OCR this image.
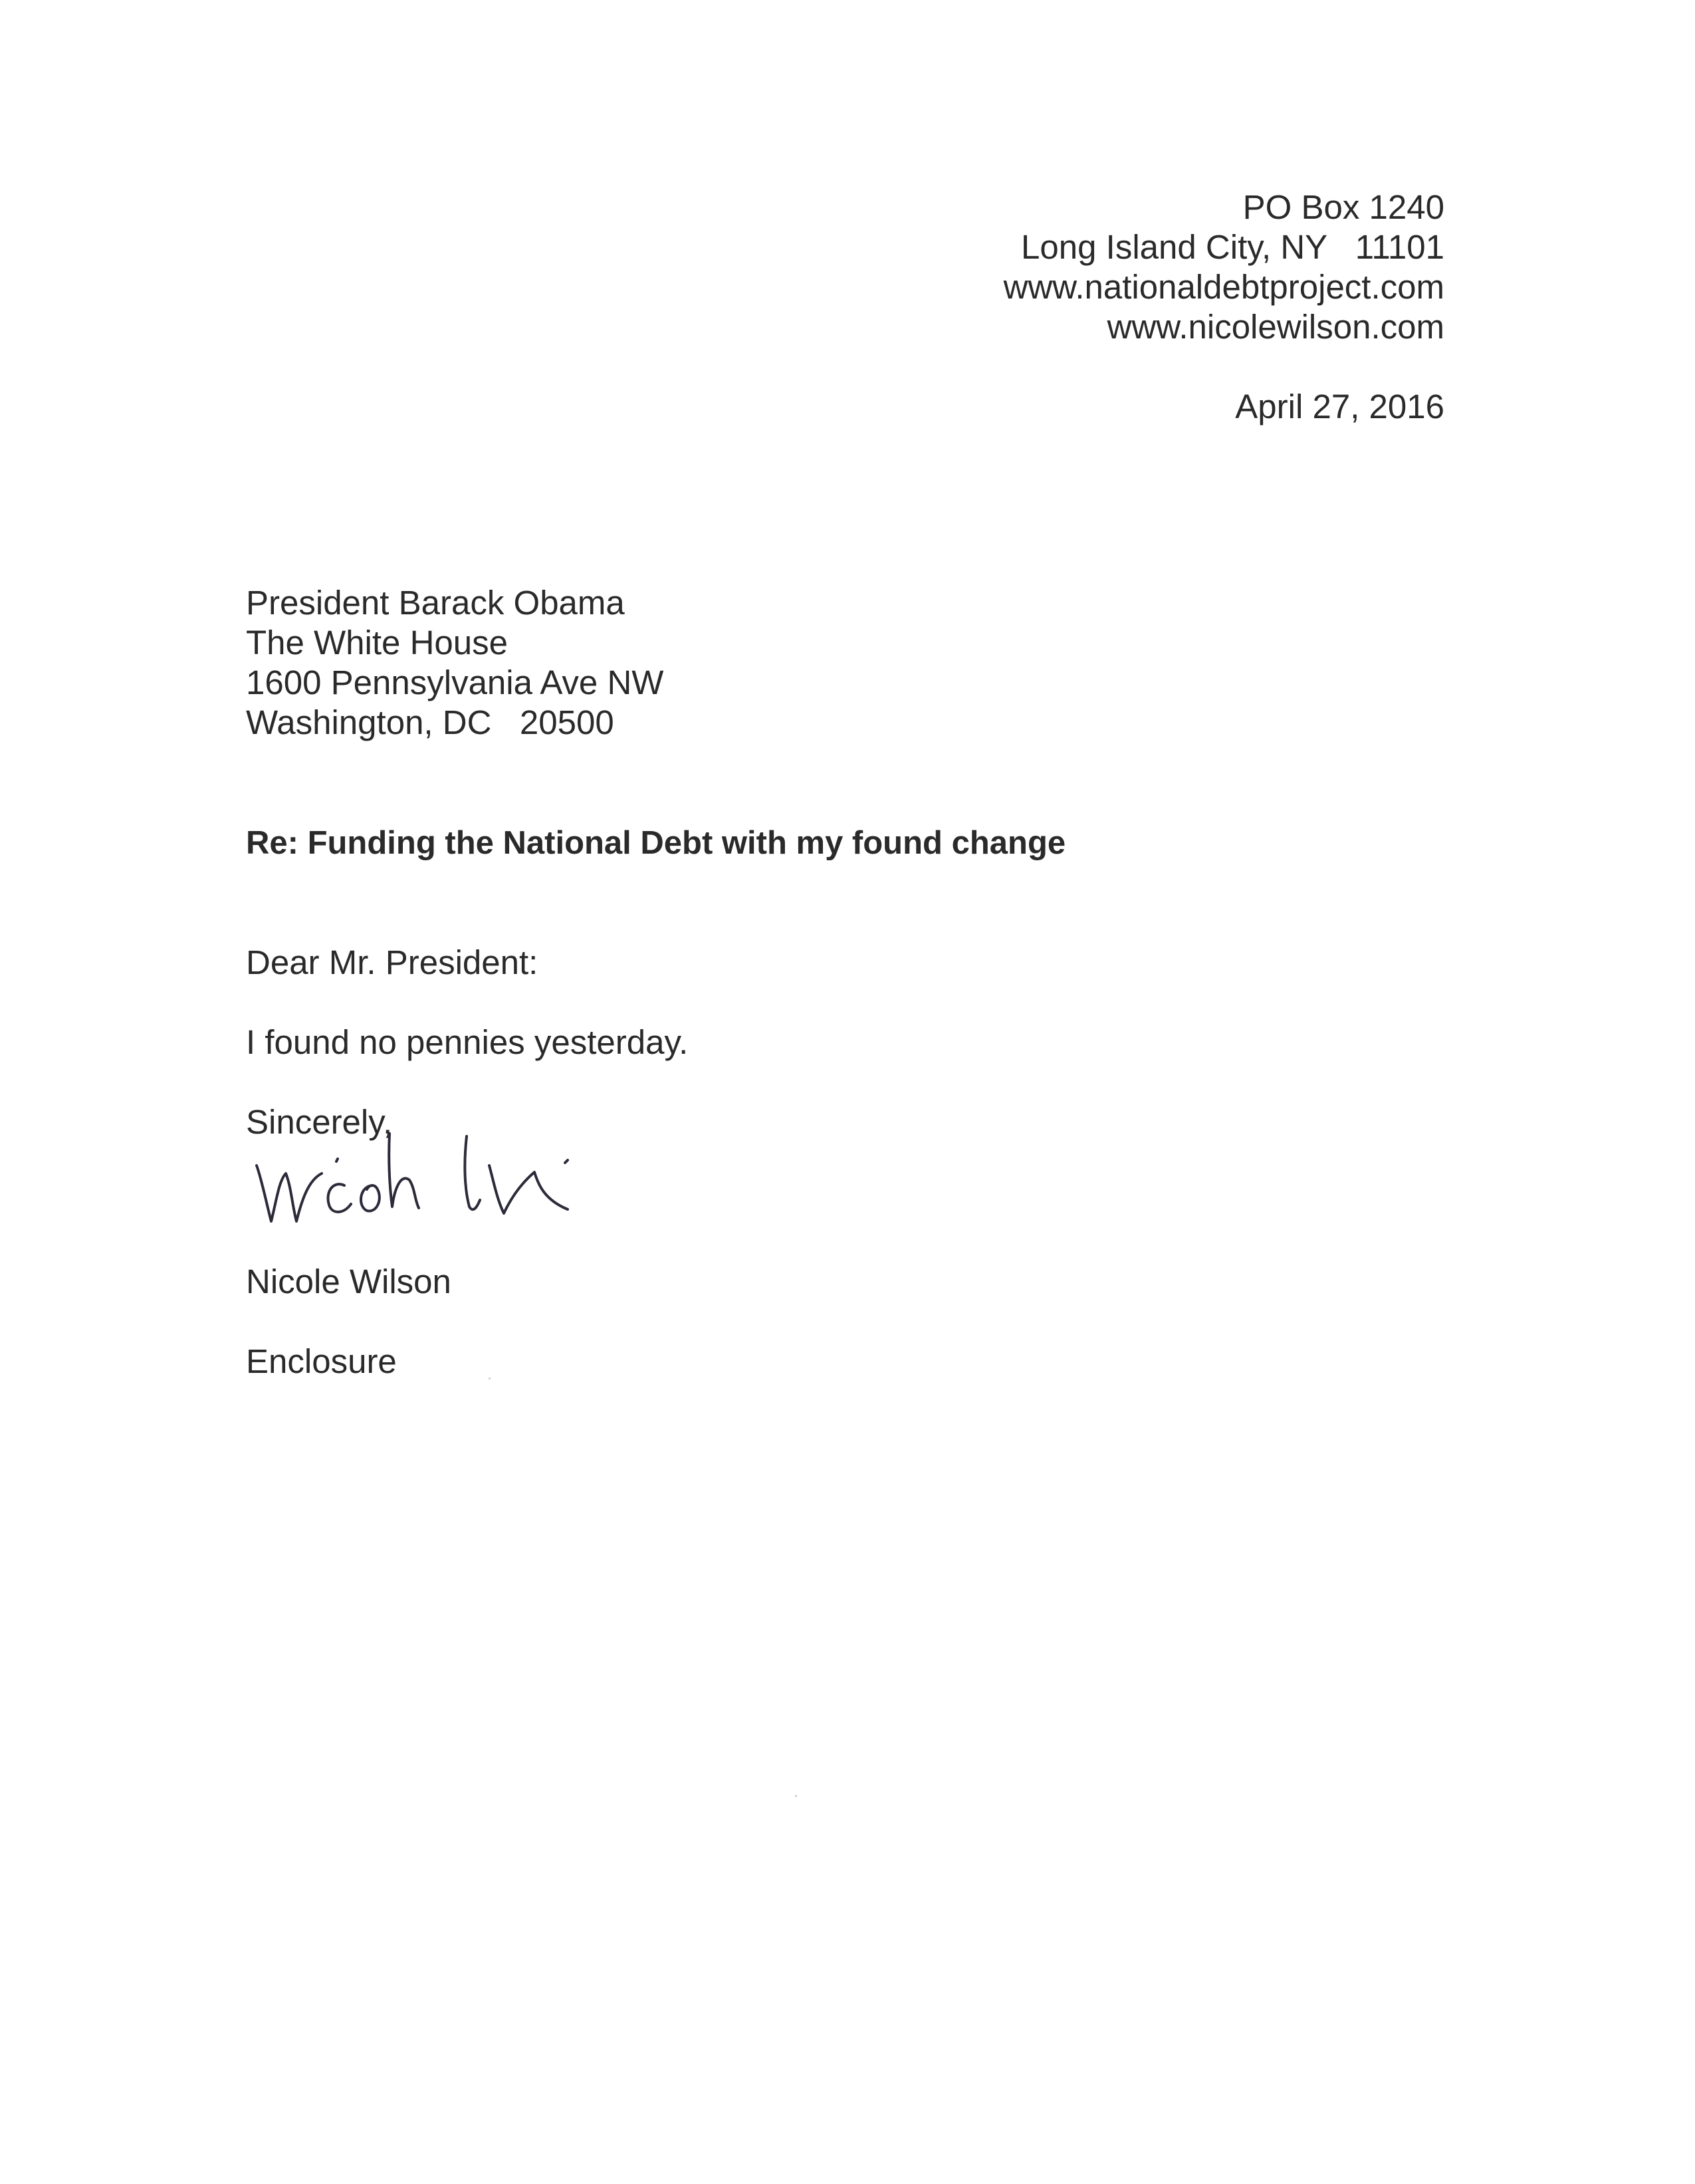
PO Box 1240
Long Island City, NY   11101
www.nationaldebtproject.com
www.nicolewilson.com
April 27, 2016
President Barack Obama
The White House
1600 Pennsylvania Ave NW
Washington, DC   20500
Re: Funding the National Debt with my found change
Dear Mr. President:
I found no pennies yesterday.
Sincerely,
Nicole Wilson
Enclosure
